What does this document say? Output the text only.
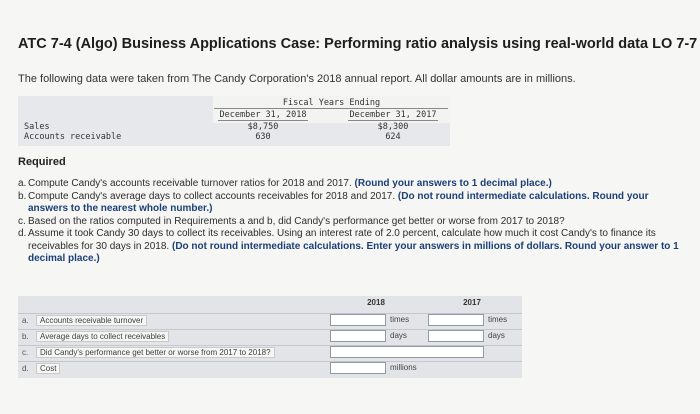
ATC 7-4 (Algo) Business Applications Case: Performing ratio analysis using real-world data LO 7-7
The following data were taken from The Candy Corporation's 2018 annual report. All dollar amounts are in millions.
Fiscal Years Ending
December 31, 2018	December 31, 2017
Sales	$8,750	$8,300
Accounts receivable	630	624
Required
a. Compute Candy's accounts receivable turnover ratios for 2018 and 2017. (Round your answers to 1 decimal place.)
b. Compute Candy's average days to collect accounts receivables for 2018 and 2017. (Do not round intermediate calculations. Round your answers to the nearest whole number.)
c. Based on the ratios computed in Requirements a and b, did Candy's performance get better or worse from 2017 to 2018?
d. Assume it took Candy 30 days to collect its receivables. Using an interest rate of 2.0 percent, calculate how much it cost Candy's to finance its receivables for 30 days in 2018. (Do not round intermediate calculations. Enter your answers in millions of dollars. Round your answer to 1 decimal place.)
2018	2017
a.	Accounts receivable turnover	times	times
b.	Average days to collect receivables	days	days
c.	Did Candy's performance get better or worse from 2017 to 2018?
d.	Cost	millions
